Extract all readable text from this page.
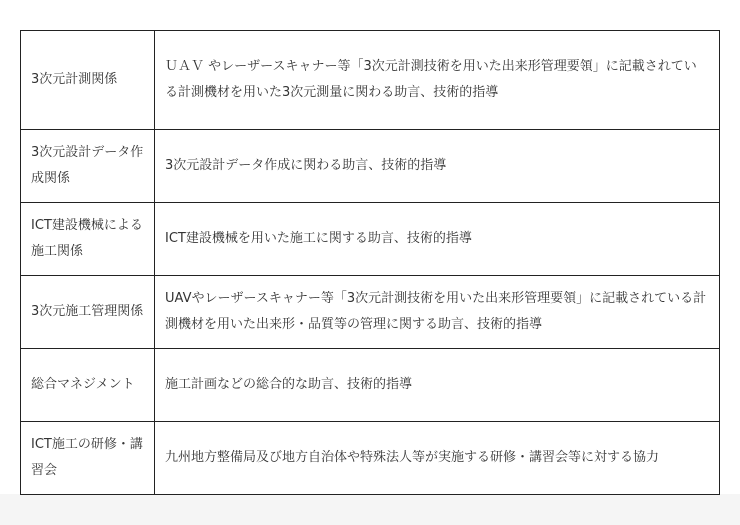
3次元計測関係	ＵＡＶ やレーザースキャナー等「3次元計測技術を用いた出来形管理要領」に記載されている計測機材を用いた3次元測量に関わる助言、技術的指導
3次元設計データ作成関係	3次元設計データ作成に関わる助言、技術的指導
ICT建設機械による施工関係	ICT建設機械を用いた施工に関する助言、技術的指導
3次元施工管理関係	UAVやレーザースキャナー等「3次元計測技術を用いた出来形管理要領」に記載されている計測機材を用いた出来形・品質等の管理に関する助言、技術的指導
総合マネジメント	施工計画などの総合的な助言、技術的指導
ICT施工の研修・講習会	九州地方整備局及び地方自治体や特殊法人等が実施する研修・講習会等に対する協力
